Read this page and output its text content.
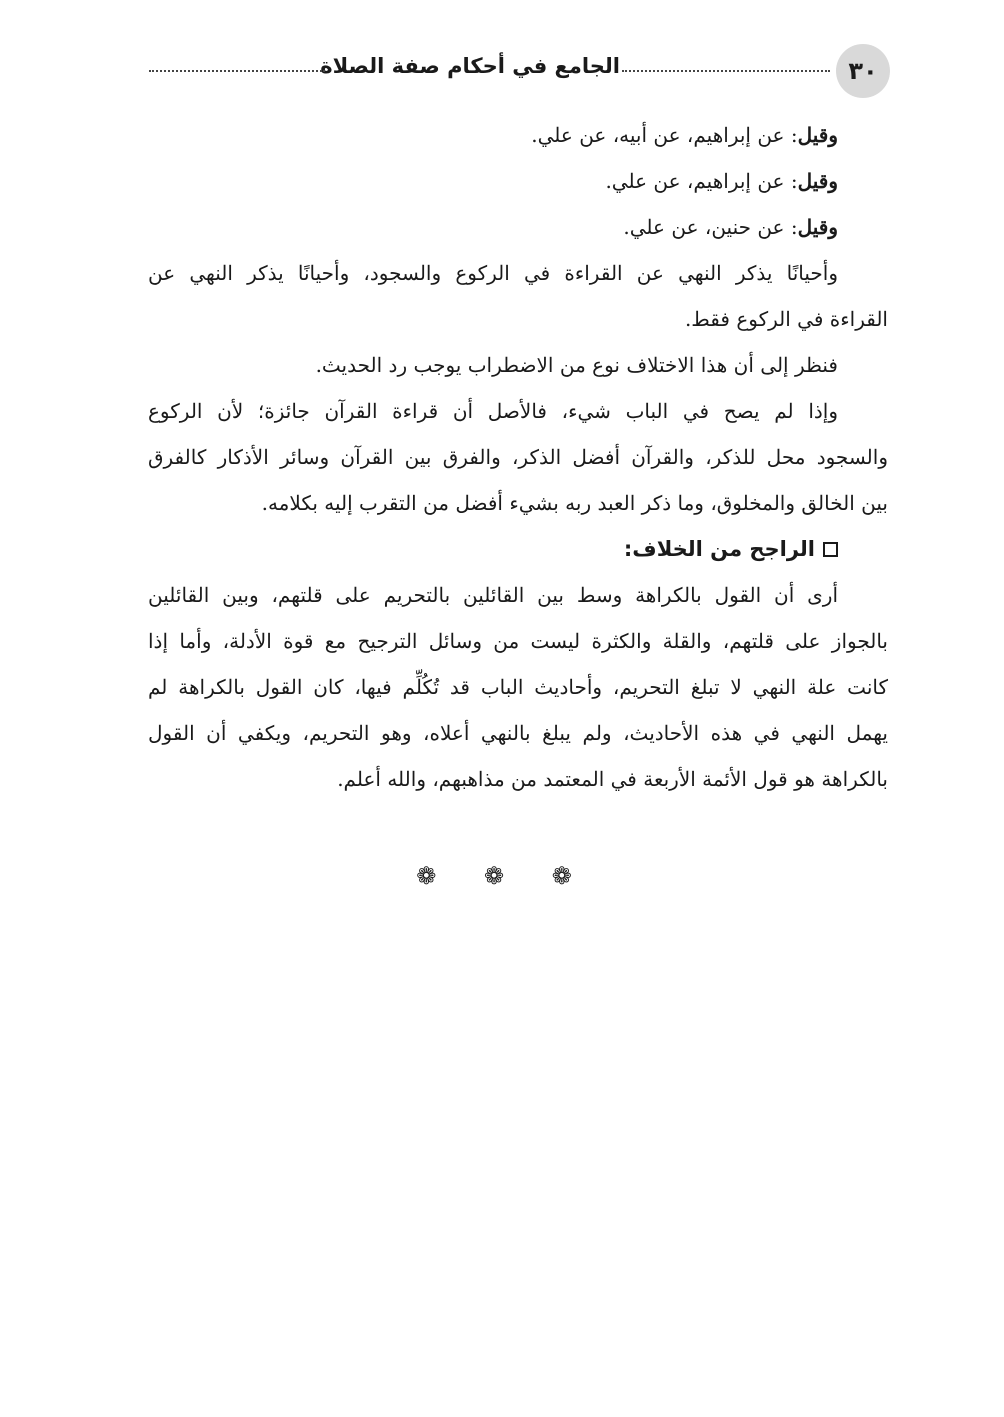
٣٠
الجامع في أحكام صفة الصلاة
وقيل: عن إبراهيم، عن أبيه، عن علي.
وقيل: عن إبراهيم، عن علي.
وقيل: عن حنين، عن علي.
وأحيانًا يذكر النهي عن القراءة في الركوع والسجود، وأحيانًا يذكر النهي عن
القراءة في الركوع فقط.
فنظر إلى أن هذا الاختلاف نوع من الاضطراب يوجب رد الحديث.
وإذا لم يصح في الباب شيء، فالأصل أن قراءة القرآن جائزة؛ لأن الركوع
والسجود محل للذكر، والقرآن أفضل الذكر، والفرق بين القرآن وسائر الأذكار كالفرق
بين الخالق والمخلوق، وما ذكر العبد ربه بشيء أفضل من التقرب إليه بكلامه.
الراجح من الخلاف:
أرى أن القول بالكراهة وسط بين القائلين بالتحريم على قلتهم، وبين القائلين
بالجواز على قلتهم، والقلة والكثرة ليست من وسائل الترجيح مع قوة الأدلة، وأما إذا
كانت علة النهي لا تبلغ التحريم، وأحاديث الباب قد تُكُلِّم فيها، كان القول بالكراهة لم
يهمل النهي في هذه الأحاديث، ولم يبلغ بالنهي أعلاه، وهو التحريم، ويكفي أن القول
بالكراهة هو قول الأئمة الأربعة في المعتمد من مذاهبهم، والله أعلم.
❁ ❁ ❁
